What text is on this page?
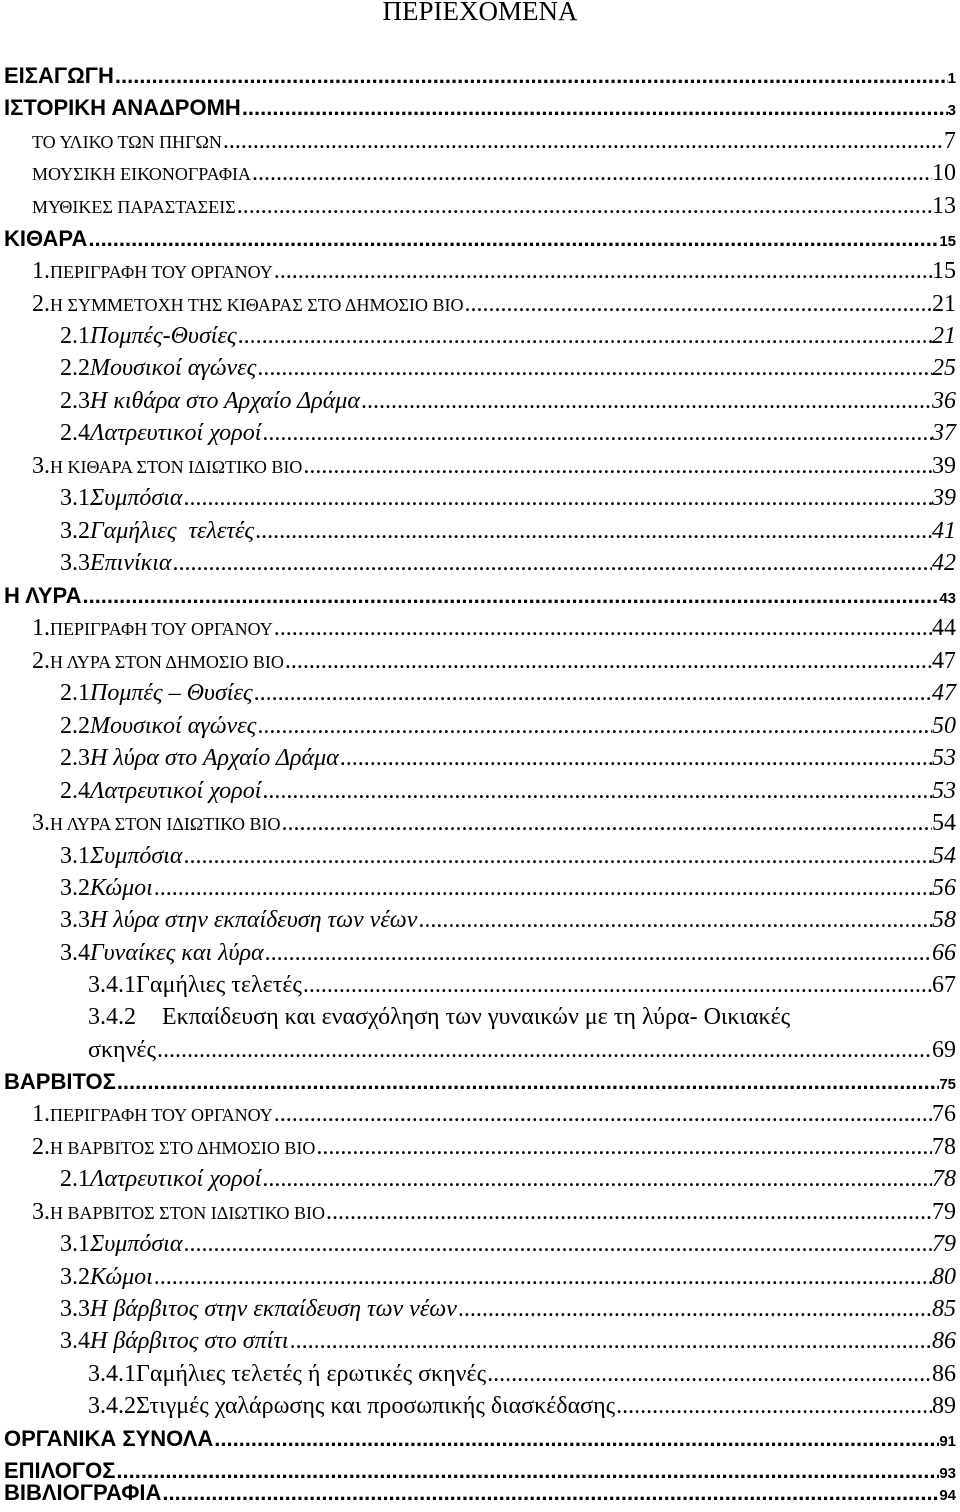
ΠΕΡΙΕΧΟΜΕΝΑ
ΕΙΣΑΓΩΓΗ .....	1
ΙΣΤΟΡΙΚΗ ΑΝΑΔΡΟΜΗ .....	3
ΤΟ ΥΛΙΚΟ ΤΩΝ ΠΗΓΩΝ .....	7
ΜΟΥΣΙΚΗ ΕΙΚΟΝΟΓΡΑΦΙΑ .....	10
ΜΥΘΙΚΕΣ ΠΑΡΑΣΤΑΣΕΙΣ .....	13
ΚΙΘΑΡΑ .....	15
1. ΠΕΡΙΓΡΑΦΗ ΤΟΥ ΟΡΓΑΝΟΥ .....	15
2. Η ΣΥΜΜΕΤΟΧΗ ΤΗΣ ΚΙΘΑΡΑΣ ΣΤΟ ΔΗΜΟΣΙΟ ΒΙΟ .....	21
2.1 Πομπές-Θυσίες .....	21
2.2 Μουσικοί αγώνες .....	25
2.3 Η κιθάρα στο Αρχαίο Δράμα .....	36
2.4 Λατρευτικοί χοροί .....	37
3. Η ΚΙΘΑΡΑ ΣΤΟΝ ΙΔΙΩΤΙΚΟ ΒΙΟ .....	39
3.1 Συμπόσια .....	39
3.2 Γαμήλιες  τελετές .....	41
3.3 Επινίκια .....	42
Η ΛΥΡΑ .....	43
1. ΠΕΡΙΓΡΑΦΗ ΤΟΥ ΟΡΓΑΝΟΥ .....	44
2. Η ΛΥΡΑ ΣΤΟΝ ΔΗΜΟΣΙΟ ΒΙΟ .....	47
2.1 Πομπές – Θυσίες .....	47
2.2 Μουσικοί αγώνες .....	50
2.3 Η λύρα στο Αρχαίο Δράμα .....	53
2.4 Λατρευτικοί χοροί .....	53
3. Η ΛΥΡΑ ΣΤΟΝ ΙΔΙΩΤΙΚΟ ΒΙΟ .....	54
3.1 Συμπόσια .....	54
3.2 Κώμοι .....	56
3.3 Η λύρα στην εκπαίδευση των νέων .....	58
3.4 Γυναίκες και λύρα .....	66
3.4.1 Γαμήλιες τελετές .....	67
3.4.2 Εκπαίδευση και ενασχόληση των γυναικών με τη λύρα- Οικιακές
σκηνές .....	69
ΒΑΡΒΙΤΟΣ .....	75
1. ΠΕΡΙΓΡΑΦΗ ΤΟΥ ΟΡΓΑΝΟΥ .....	76
2. Η ΒΑΡΒΙΤΟΣ ΣΤΟ ΔΗΜΟΣΙΟ ΒΙΟ .....	78
2.1 Λατρευτικοί χοροί .....	78
3. Η ΒΑΡΒΙΤΟΣ ΣΤΟΝ ΙΔΙΩΤΙΚΟ ΒΙΟ .....	79
3.1 Συμπόσια .....	79
3.2 Κώμοι .....	80
3.3 Η βάρβιτος στην εκπαίδευση των νέων .....	85
3.4 Η βάρβιτος στο σπίτι .....	86
3.4.1 Γαμήλιες τελετές ή ερωτικές σκηνές .....	86
3.4.2 Στιγμές χαλάρωσης και προσωπικής διασκέδασης .....	89
ΟΡΓΑΝΙΚΑ ΣΥΝΟΛΑ .....	91
ΕΠΙΛΟΓΟΣ .....	93
ΒΙΒΛΙΟΓΡΑΦΙΑ .....	94
